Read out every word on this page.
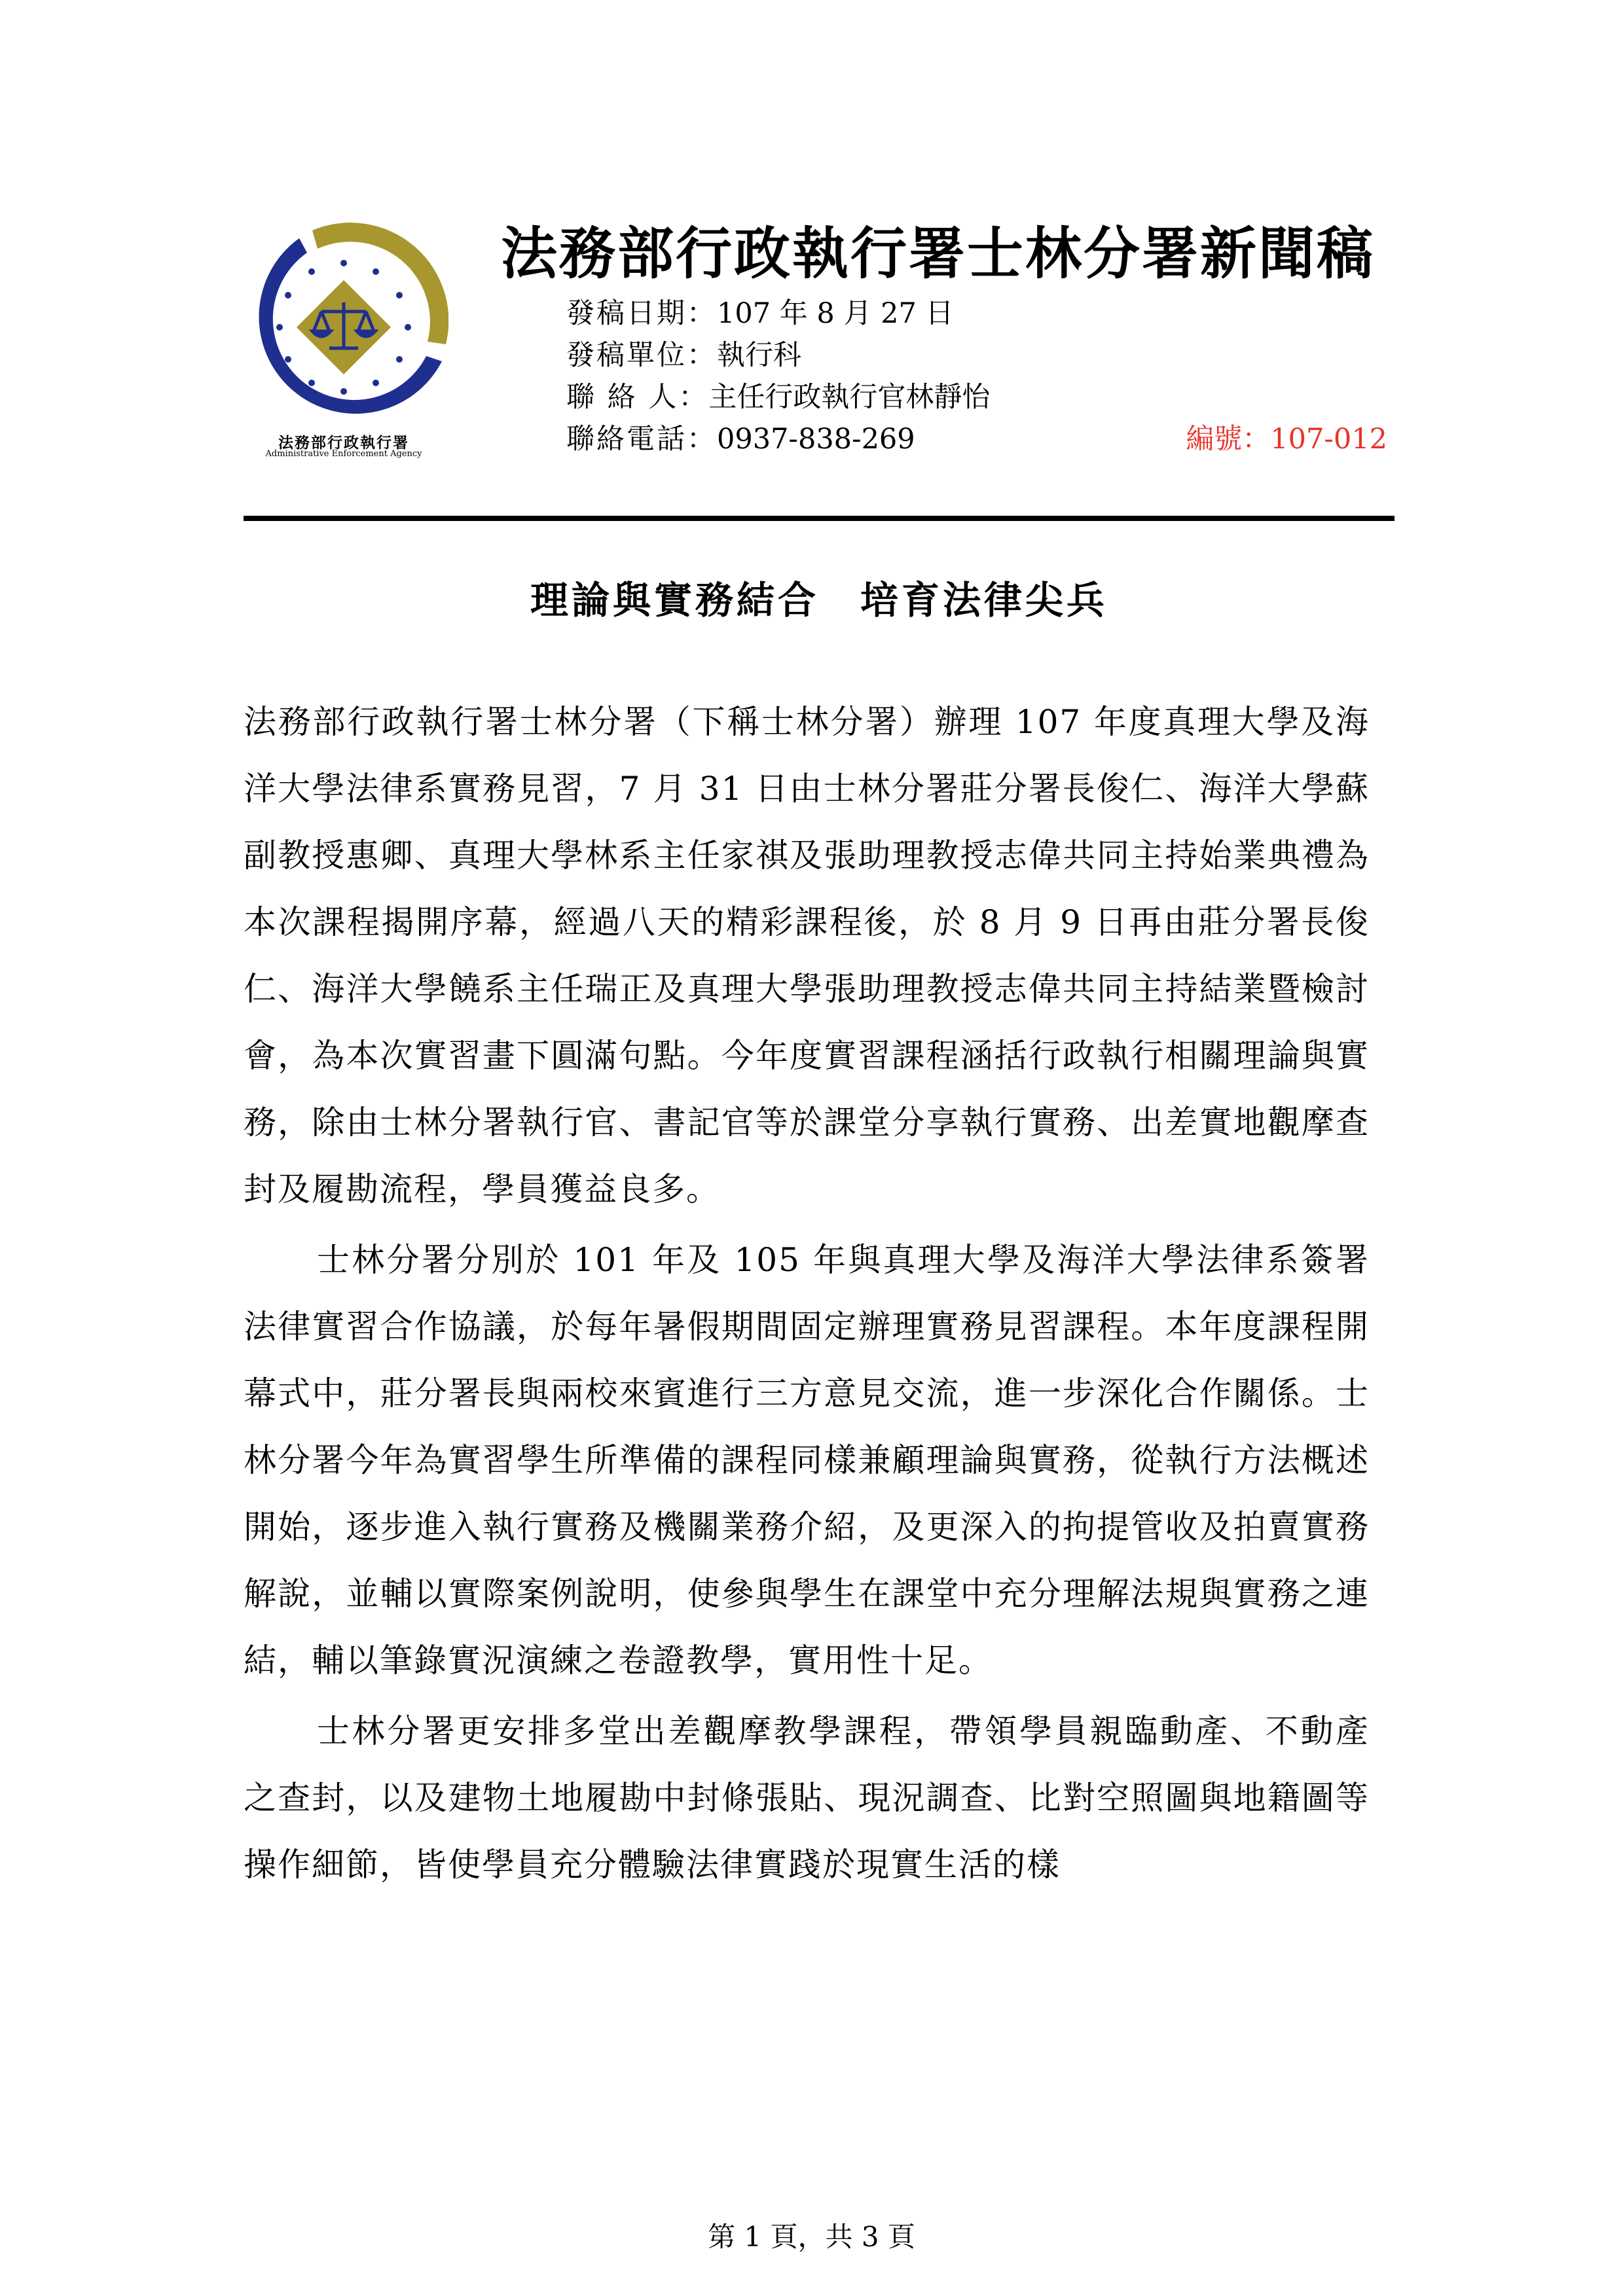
法務部行政執行署
Administrative Enforcement Agency
法務部行政執行署士林分署新聞稿
發稿日期：107 年 8 月 27 日
發稿單位：執行科
聯 絡 人：主任行政執行官林靜怡
聯絡電話：0937-838-269	編號：107-012
理論與實務結合　培育法律尖兵

法務部行政執行署士林分署（下稱士林分署）辦理 107 年度真理大學及海洋大學法律系實務見習，7 月 31 日由士林分署莊分署長俊仁、海洋大學蘇副教授惠卿、真理大學林系主任家祺及張助理教授志偉共同主持始業典禮為本次課程揭開序幕，經過八天的精彩課程後，於 8 月 9 日再由莊分署長俊仁、海洋大學饒系主任瑞正及真理大學張助理教授志偉共同主持結業暨檢討會，為本次實習畫下圓滿句點。今年度實習課程涵括行政執行相關理論與實務，除由士林分署執行官、書記官等於課堂分享執行實務、出差實地觀摩查封及履勘流程，學員獲益良多。

士林分署分別於 101 年及 105 年與真理大學及海洋大學法律系簽署法律實習合作協議，於每年暑假期間固定辦理實務見習課程。本年度課程開幕式中，莊分署長與兩校來賓進行三方意見交流，進一步深化合作關係。士林分署今年為實習學生所準備的課程同樣兼顧理論與實務，從執行方法概述開始，逐步進入執行實務及機關業務介紹，及更深入的拘提管收及拍賣實務解說，並輔以實際案例說明，使參與學生在課堂中充分理解法規與實務之連結，輔以筆錄實況演練之卷證教學，實用性十足。

士林分署更安排多堂出差觀摩教學課程，帶領學員親臨動產、不動產之查封，以及建物土地履勘中封條張貼、現況調查、比對空照圖與地籍圖等操作細節，皆使學員充分體驗法律實踐於現實生活的樣

第 1 頁，共 3 頁
